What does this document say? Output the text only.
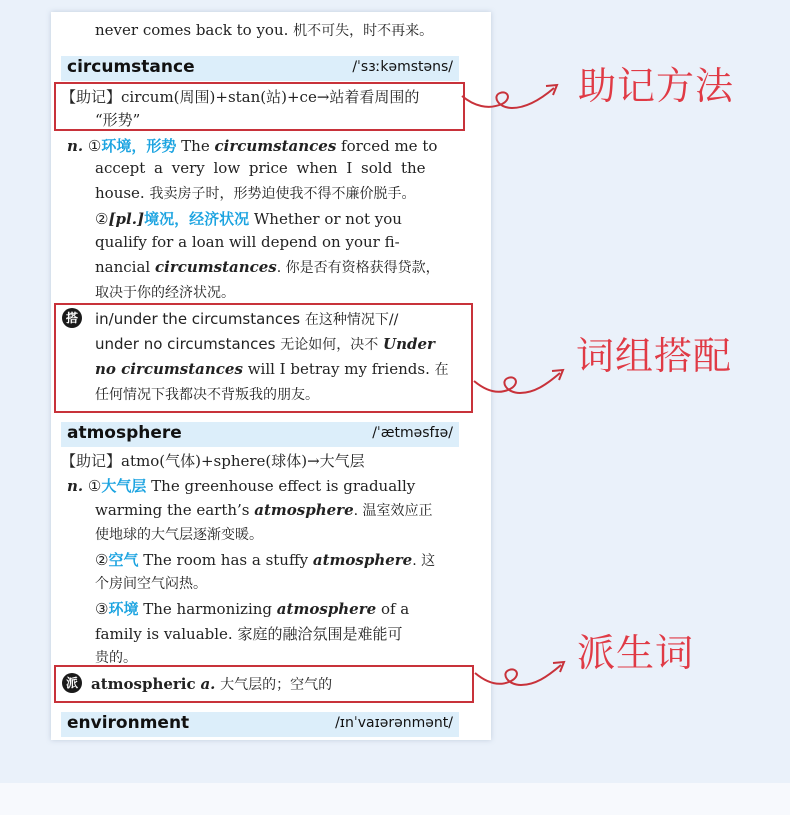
never comes back to you. 机不可失，时不再来。
circumstance	/ˈsɜːkəmstəns/
【助记】circum(周围)+stan(站)+ce→站着看周围的
“形势”
n. ①环境，形势 The circumstances forced me to
accept a very low price when I sold the
house. 我卖房子时，形势迫使我不得不廉价脱手。
②[pl.]境况，经济状况 Whether or not you
qualify for a loan will depend on your fi-
nancial circumstances. 你是否有资格获得贷款，
取决于你的经济状况。
搭 in/under the circumstances 在这种情况下//
under no circumstances 无论如何，决不 Under
no circumstances will I betray my friends. 在
任何情况下我都决不背叛我的朋友。
atmosphere	/ˈætməsfɪə/
【助记】atmo(气体)+sphere(球体)→大气层
n. ①大气层 The greenhouse effect is gradually
warming the earth’s atmosphere. 温室效应正
使地球的大气层逐渐变暖。
②空气 The room has a stuffy atmosphere. 这
个房间空气闷热。
③环境 The harmonizing atmosphere of a
family is valuable. 家庭的融洽氛围是难能可
贵的。
派 atmospheric a. 大气层的；空气的
environment	/ɪnˈvaɪərənmənt/
助记方法
词组搭配
派生词
